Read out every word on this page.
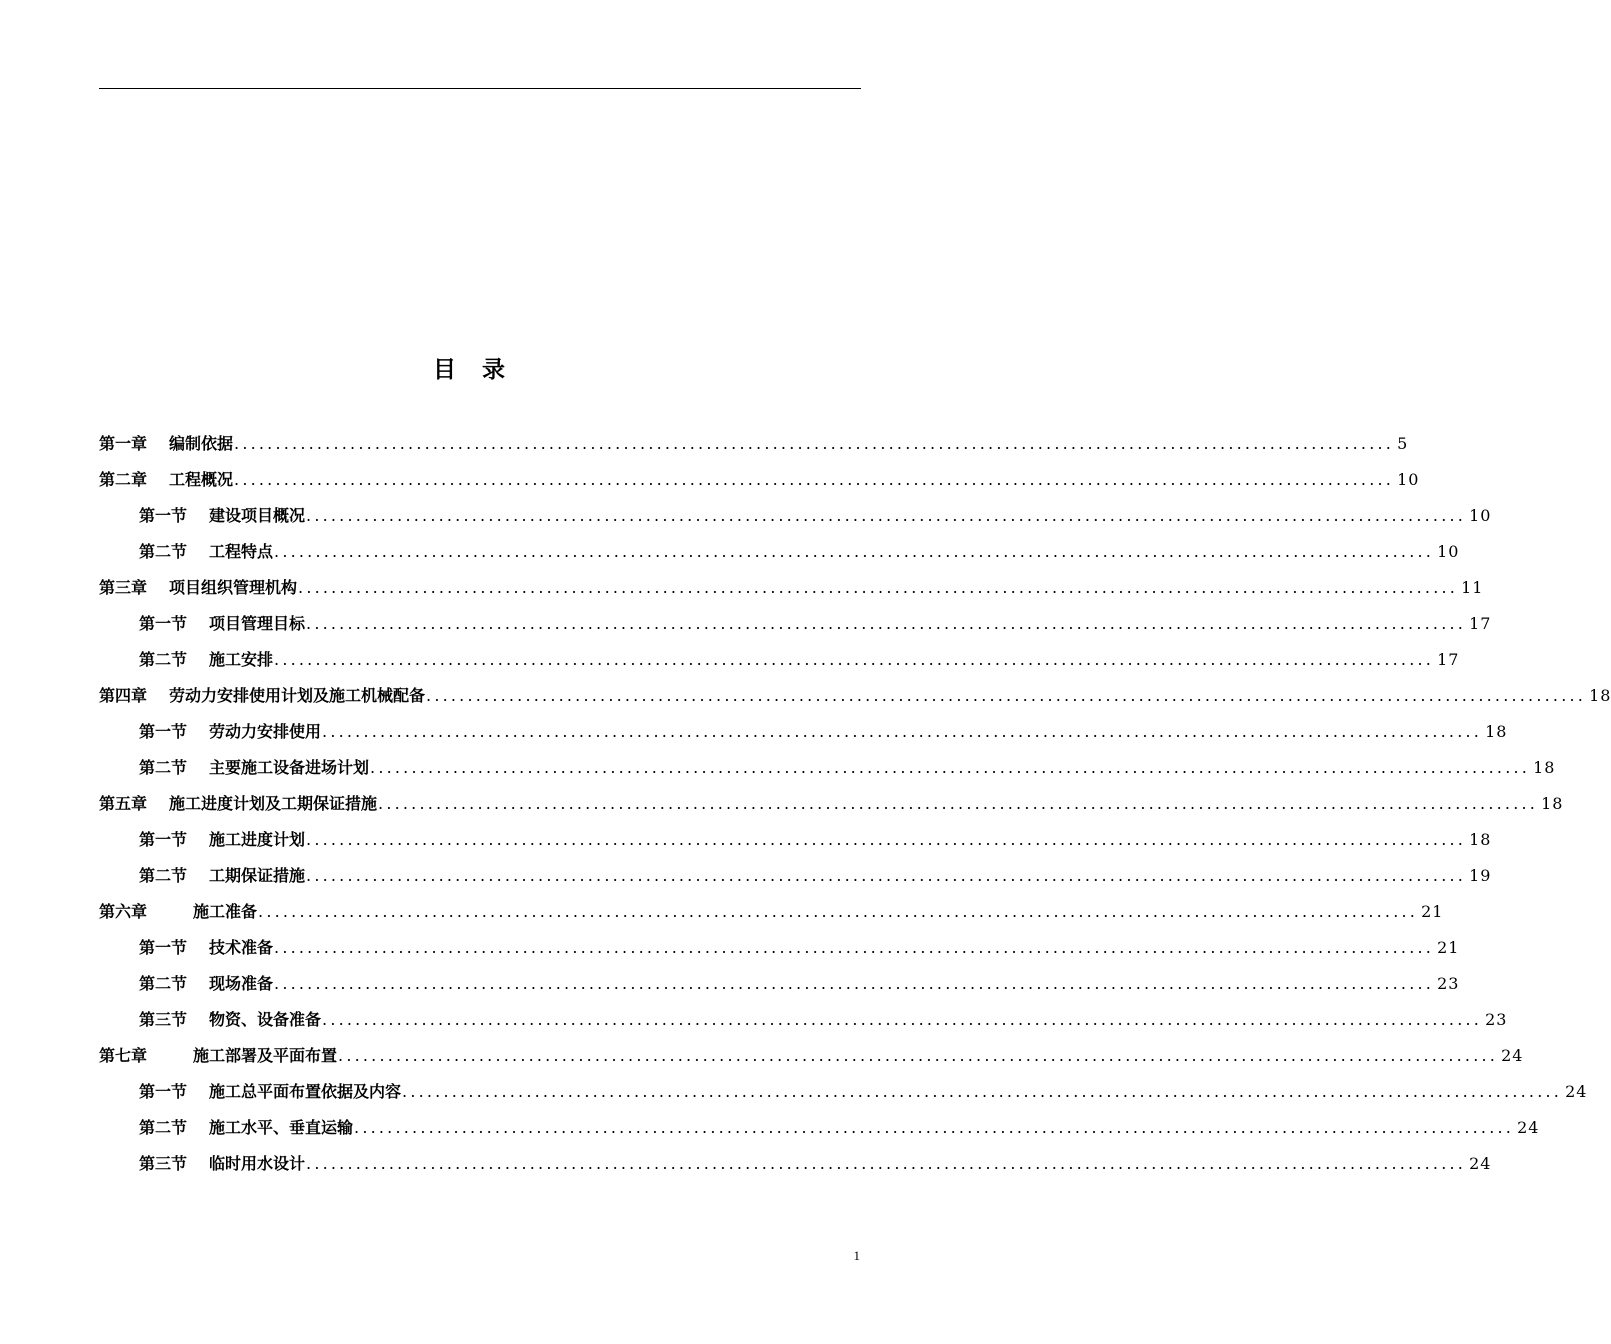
目录
第一章 编制依据 ............................................................................................................................................ 5
第二章 工程概况 ............................................................................................................................................ 10
第一节 建设项目概况 ............................................................................................................................................ 10
第二节 工程特点 ............................................................................................................................................ 10
第三章 项目组织管理机构 ............................................................................................................................................ 11
第一节 项目管理目标 ............................................................................................................................................ 17
第二节 施工安排 ............................................................................................................................................ 17
第四章 劳动力安排使用计划及施工机械配备 ............................................................................................................................................ 18
第一节 劳动力安排使用 ............................................................................................................................................ 18
第二节 主要施工设备进场计划 ............................................................................................................................................ 18
第五章 施工进度计划及工期保证措施 ............................................................................................................................................ 18
第一节 施工进度计划 ............................................................................................................................................ 18
第二节 工期保证措施 ............................................................................................................................................ 19
第六章	施工准备 ............................................................................................................................................ 21
第一节 技术准备 ............................................................................................................................................ 21
第二节 现场准备 ............................................................................................................................................ 23
第三节 物资、设备准备 ............................................................................................................................................ 23
第七章	施工部署及平面布置 ............................................................................................................................................ 24
第一节 施工总平面布置依据及内容 ............................................................................................................................................ 24
第二节 施工水平、垂直运输 ............................................................................................................................................ 24
第三节 临时用水设计 ............................................................................................................................................ 24
1
